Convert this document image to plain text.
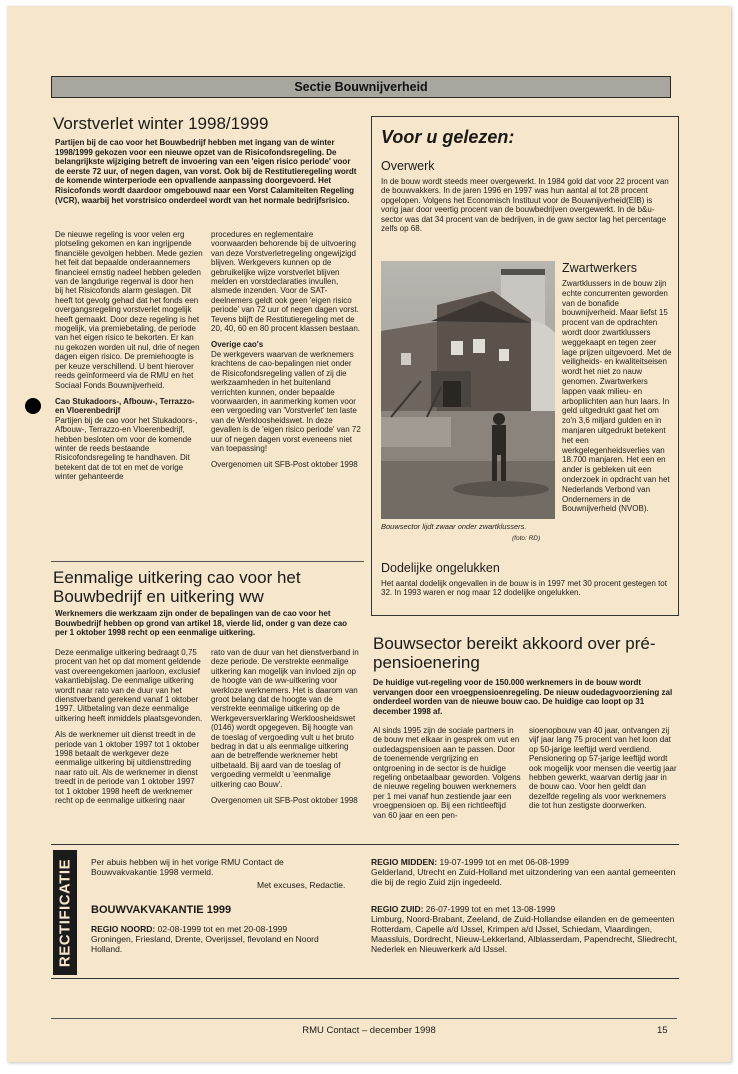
Sectie Bouwnijverheid
Vorstverlet winter 1998/1999
Partijen bij de cao voor het Bouwbedrijf hebben met ingang van de winter 1998/1999 gekozen voor een nieuwe opzet van de Risicofondsregeling. De belangrijkste wijziging betreft de invoering van een 'eigen risico periode' voor de eerste 72 uur, of negen dagen, van vorst. Ook bij de Restitutieregeling wordt de komende winterperiode een opvallende aanpassing doorgevoerd. Het Risicofonds wordt daardoor omgebouwd naar een Vorst Calamiteiten Regeling (VCR), waarbij het vorstrisico onderdeel wordt van het normale bedrijfsrisico.

De nieuwe regeling is voor velen erg plotseling gekomen en kan ingrijpende financiële gevolgen hebben. Mede gezien het feit dat bepaalde onderaannemers financieel ernstig nadeel hebben geleden van de langdurige regenval is door hen bij het Risicofonds alarm geslagen. Dit heeft tot gevolg gehad dat het fonds een overgangsregeling vorstverlet mogelijk heeft gemaakt. Door deze regeling is het mogelijk, via premiebetaling, de periode van het eigen risico te bekorten. Er kan nu gekozen worden uit nul, drie of negen dagen eigen risico. De premiehoogte is per keuze verschillend. U bent hierover reeds geïnformeerd via de RMU en het Sociaal Fonds Bouwnijverheid.

Cao Stukadoors-, Afbouw-, Terrazzo- en Vloerenbedrijf

Partijen bij de cao voor het Stukadoors-, Afbouw-, Terrazzo-en Vloerenbedrijf, hebben besloten om voor de komende winter de reeds bestaande Risicofondsregeling te handhaven. Dit betekent dat de tot en met de vorige winter gehanteerde

procedures en reglementaire voorwaarden behorende bij de uitvoering van deze Vorstverletregeling ongewijzigd blijven. Werkgevers kunnen op de gebruikelijke wijze vorstverlet blijven melden en vorstdeclaraties invullen, alsmede inzenden. Voor de SAT-deelnemers geldt ook geen 'eigen risico periode' van 72 uur of negen dagen vorst. Tevens blijft de Restitutieregeling met de 20, 40, 60 en 80 procent klassen bestaan.

Overige cao's

De werkgevers waarvan de werknemers krachtens de cao-bepalingen niet onder de Risicofondsregeling vallen of zij die werkzaamheden in het buitenland verrichten kunnen, onder bepaalde voorwaarden, in aanmerking komen voor een vergoeding van 'Vorstverlet' ten laste van de Werkloosheidswet. In deze gevallen is de 'eigen risico periode' van 72 uur of negen dagen vorst eveneens niet van toepassing!

Overgenomen uit SFB-Post oktober 1998

Voor u gelezen:
Overwerk
In de bouw wordt steeds meer overgewerkt. In 1984 gold dat voor 22 procent van de bouwvakkers. In de jaren 1996 en 1997 was hun aantal al tot 28 procent opgelopen. Volgens het Economisch Instituut voor de Bouwnijverheid(EIB) is vorig jaar door veertig procent van de bouwbedrijven overgewerkt. In de b&u-sector was dat 34 procent van de bedrijven, in de gww sector lag het percentage zelfs op 68.
Bouwsector lijdt zwaar onder zwartklussers.
(foto: RD)
Zwartwerkers
Zwartklussers in de bouw zijn echte concurrenten geworden van de bonafide bouwnijverheid. Maar liefst 15 procent van de opdrachten wordt door zwartklussers weggekaapt en tegen zeer lage prijzen uitgevoerd. Met de veiligheids- en kwaliteitseisen wordt het niet zo nauw genomen. Zwartwerkers lappen vaak milieu- en arbopliichten aan hun laars. In geld uitgedrukt gaat het om zo'n 3,6 miljard gulden en in manjaren uitgedrukt betekent het een werkgelegenheidsverlies van 18.700 manjaren. Het een en ander is gebleken uit een onderzoek in opdracht van het Nederlands Verbond van Ondernemers in de Bouwnijverheid (NVOB).
Dodelijke ongelukken
Het aantal dodelijk ongevallen in de bouw is in 1997 met 30 procent gestegen tot 32. In 1993 waren er nog maar 12 dodelijke ongelukken.
Eenmalige uitkering cao voor het Bouwbedrijf en uitkering ww
Werknemers die werkzaam zijn onder de bepalingen van de cao voor het Bouwbedrijf hebben op grond van artikel 18, vierde lid, onder g van deze cao per 1 oktober 1998 recht op een eenmalige uitkering.

Deze eenmalige uitkering bedraagt 0,75 procent van het op dat moment geldende vast overeengekomen jaarloon, exclusief vakantiebijslag. De eenmalige uitkering wordt naar rato van de duur van het dienstverband gerekend vanaf 1 oktober 1997. Uitbetaling van deze eenmalige uitkering heeft inmiddels plaatsgevonden.

Als de werknemer uit dienst treedt in de periode van 1 oktober 1997 tot 1 oktober 1998 betaalt de werkgever deze eenmalige uitkering bij uitdiensttreding naar rato uit. Als de werknemer in dienst treedt in de periode van 1 oktober 1997 tot 1 oktober 1998 heeft de werknemer recht op de eenmalige uitkering naar

rato van de duur van het dienstverband in deze periode. De verstrekte eenmalige uitkering kan mogelijk van invloed zijn op de hoogte van de ww-uitkering voor werkloze werknemers. Het is daarom van groot belang dat de hoogte van de verstrekte eenmalige uitkering op de Werkgeversverklaring Werkloosheidswet (0146) wordt opgegeven. Bij hoogte van de toeslag of vergoeding vult u het bruto bedrag in dat u als eenmalige uitkering aan de betreffende werknemer hebt uitbetaald. Bij aard van de toeslag of vergoeding vermeldt u 'eenmalige uitkering cao Bouw'.

Overgenomen uit SFB-Post oktober 1998

Bouwsector bereikt akkoord over pré-pensioenering
De huidige vut-regeling voor de 150.000 werknemers in de bouw wordt vervangen door een vroegpensioenregeling. De nieuw oudedagvoorziening zal onderdeel worden van de nieuwe bouw cao. De huidige cao loopt op 31 december 1998 af.
Al sinds 1995 zijn de sociale partners in de bouw met elkaar in gesprek om vut en oudedagspensioen aan te passen. Door de toenemende vergrijzing en ontgroening in de sector is de huidige regeling onbetaalbaar geworden. Volgens de nieuwe regeling bouwen werknemers per 1 mei vanaf hun zestiende jaar een vroegpensioen op. Bij een richtleeftijd van 60 jaar en een pen-
sioenopbouw van 40 jaar, ontvangen zij vijf jaar lang 75 procent van het loon dat op 50-jarige leeftijd werd verdiend. Pensionering op 57-jarige leeftijd wordt ook mogelijk voor mensen die veertig jaar hebben gewerkt, waarvan dertig jaar in de bouw cao. Voor hen geldt dan dezelfde regeling als voor werknemers die tot hun zestigste doorwerken.
RECTIFICATIE Per abuis hebben wij in het vorige RMU Contact de Bouwvakvakantie 1998 vermeld.
Met excuses, Redactie.
BOUWVAKVAKANTIE 1999
REGIO NOORD: 02-08-1999 tot en met 20-08-1999
Groningen, Friesland, Drente, Overijssel, flevoland en Noord Holland.
REGIO MIDDEN: 19-07-1999 tot en met 06-08-1999
Gelderland, Utrecht en Zuid-Holland met uitzondering van een aantal gemeenten die bij de regio Zuid zijn ingedeeld.
REGIO ZUID: 26-07-1999 tot en met 13-08-1999
Limburg, Noord-Brabant, Zeeland, de Zuid-Hollandse eilanden en de gemeenten Rotterdam, Capelle a/d IJssel, Krimpen a/d IJssel, Schiedam, Vlaardingen, Maassluis, Dordrecht, Nieuw-Lekkerland, Alblasserdam, Papendrecht, Sliedrecht, Nederlek en Nieuwerkerk a/d IJssel.
RMU Contact – december 1998	15
